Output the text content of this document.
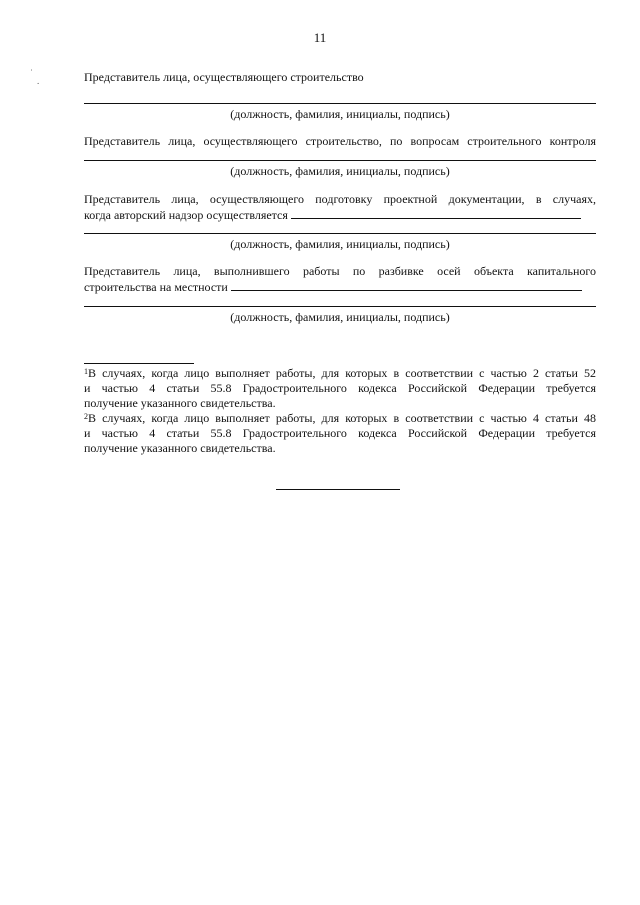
11
˙
.	Представитель лица, осуществляющего строительство
(должность, фамилия, инициалы, подпись)
Представитель лица, осуществляющего строительство, по вопросам строительного контроля
(должность, фамилия, инициалы, подпись)
Представитель лица, осуществляющего подготовку проектной документации, в случаях,
когда авторский надзор осуществляется
(должность, фамилия, инициалы, подпись)
Представитель лица, выполнившего работы по разбивке осей объекта капитального
строительства на местности
(должность, фамилия, инициалы, подпись)
$^1$В случаях, когда лицо выполняет работы, для которых в соответствии с частью 2 статьи 52
и частью 4 статьи 55.8 Градостроительного кодекса Российской Федерации требуется
получение указанного свидетельства.
$^2$В случаях, когда лицо выполняет работы, для которых в соответствии с частью 4 статьи 48
и частью 4 статьи 55.8 Градостроительного кодекса Российской Федерации требуется
получение указанного свидетельства.
